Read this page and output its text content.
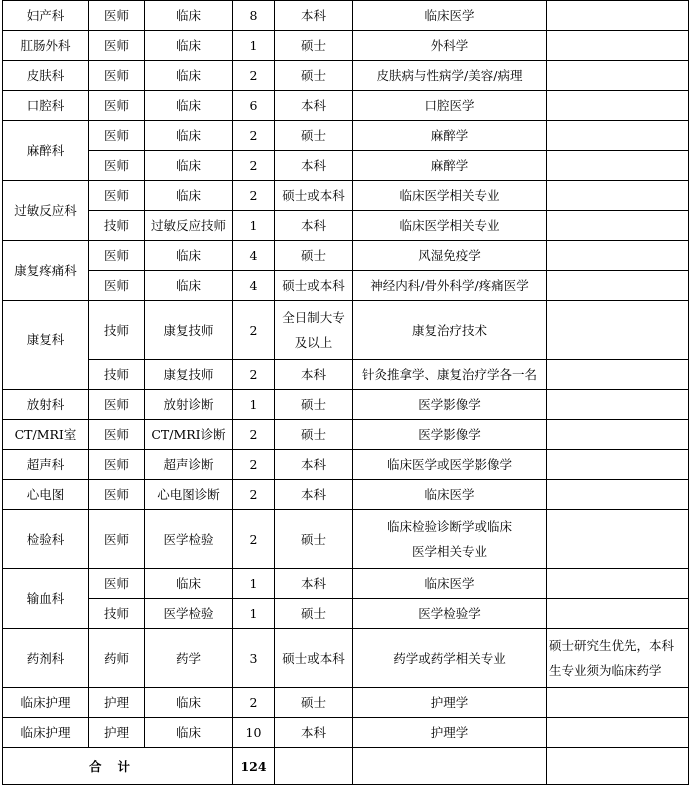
妇产科	医师	临床	8	本科	临床医学	
肛肠外科	医师	临床	1	硕士	外科学	
皮肤科	医师	临床	2	硕士	皮肤病与性病学/美容/病理	
口腔科	医师	临床	6	本科	口腔医学	
麻醉科	医师	临床	2	硕士	麻醉学	
	医师	临床	2	本科	麻醉学	
过敏反应科	医师	临床	2	硕士或本科	临床医学相关专业	
	技师	过敏反应技师	1	本科	临床医学相关专业	
康复疼痛科	医师	临床	4	硕士	风湿免疫学	
	医师	临床	4	硕士或本科	神经内科/骨外科学/疼痛医学	
康复科	技师	康复技师	2	全日制大专及以上	康复治疗技术	
	技师	康复技师	2	本科	针灸推拿学、康复治疗学各一名	
放射科	医师	放射诊断	1	硕士	医学影像学	
CT/MRI室	医师	CT/MRI诊断	2	硕士	医学影像学	
超声科	医师	超声诊断	2	本科	临床医学或医学影像学	
心电图	医师	心电图诊断	2	本科	临床医学	
检验科	医师	医学检验	2	硕士	临床检验诊断学或临床医学相关专业	
输血科	医师	临床	1	本科	临床医学	
	技师	医学检验	1	硕士	医学检验学	
药剂科	药师	药学	3	硕士或本科	药学或药学相关专业	硕士研究生优先，本科生专业须为临床药学
临床护理	护理	临床	2	硕士	护理学	
临床护理	护理	临床	10	本科	护理学	
合计			124			
